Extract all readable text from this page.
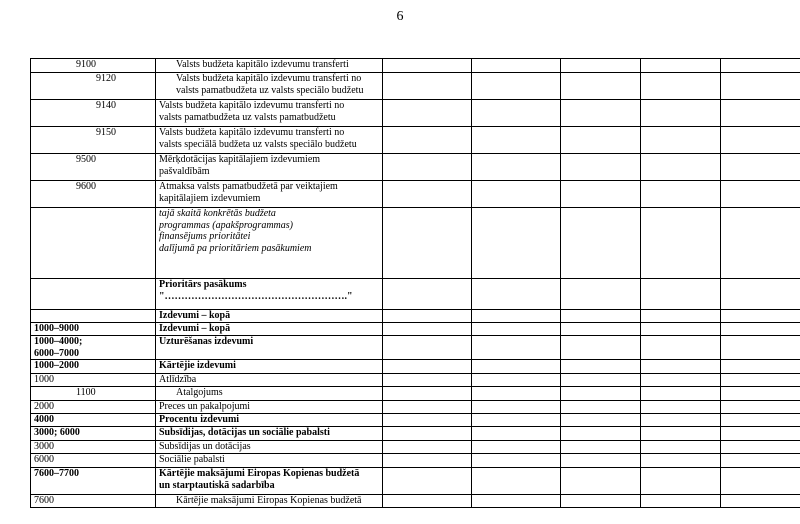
6
9100	Valsts budžeta kapitālo izdevumu transferti					

9120	Valsts budžeta kapitālo izdevumu transferti no
valsts pamatbudžeta uz valsts speciālo budžetu					

9140	Valsts budžeta kapitālo izdevumu transferti no
valsts pamatbudžeta uz valsts pamatbudžetu					

9150	Valsts budžeta kapitālo izdevumu transferti no
valsts speciālā budžeta uz valsts speciālo budžetu					

9500	Mērķdotācijas kapitālajiem izdevumiem
pašvaldībām					

9600	Atmaksa valsts pamatbudžetā par veiktajiem
kapitālajiem izdevumiem					

	tajā skaitā konkrētās budžeta
programmas (apakšprogrammas)
finansējums prioritātei
dalījumā pa prioritāriem pasākumiem					

	Prioritārs pasākums
"………………………………………………."					

	Izdevumi – kopā					

1000–9000	Izdevumi – kopā					

1000–4000;
6000–7000	Uzturēšanas izdevumi					

1000–2000	Kārtējie izdevumi					

1000	Atlīdzība					

1100	Atalgojums					

2000	Preces un pakalpojumi					

4000	Procentu izdevumi					

3000; 6000	Subsīdijas, dotācijas un sociālie pabalsti					

3000	Subsīdijas un dotācijas					

6000	Sociālie pabalsti					

7600–7700	Kārtējie maksājumi Eiropas Kopienas budžetā
un starptautiskā sadarbība					

7600	Kārtējie maksājumi Eiropas Kopienas budžetā					
